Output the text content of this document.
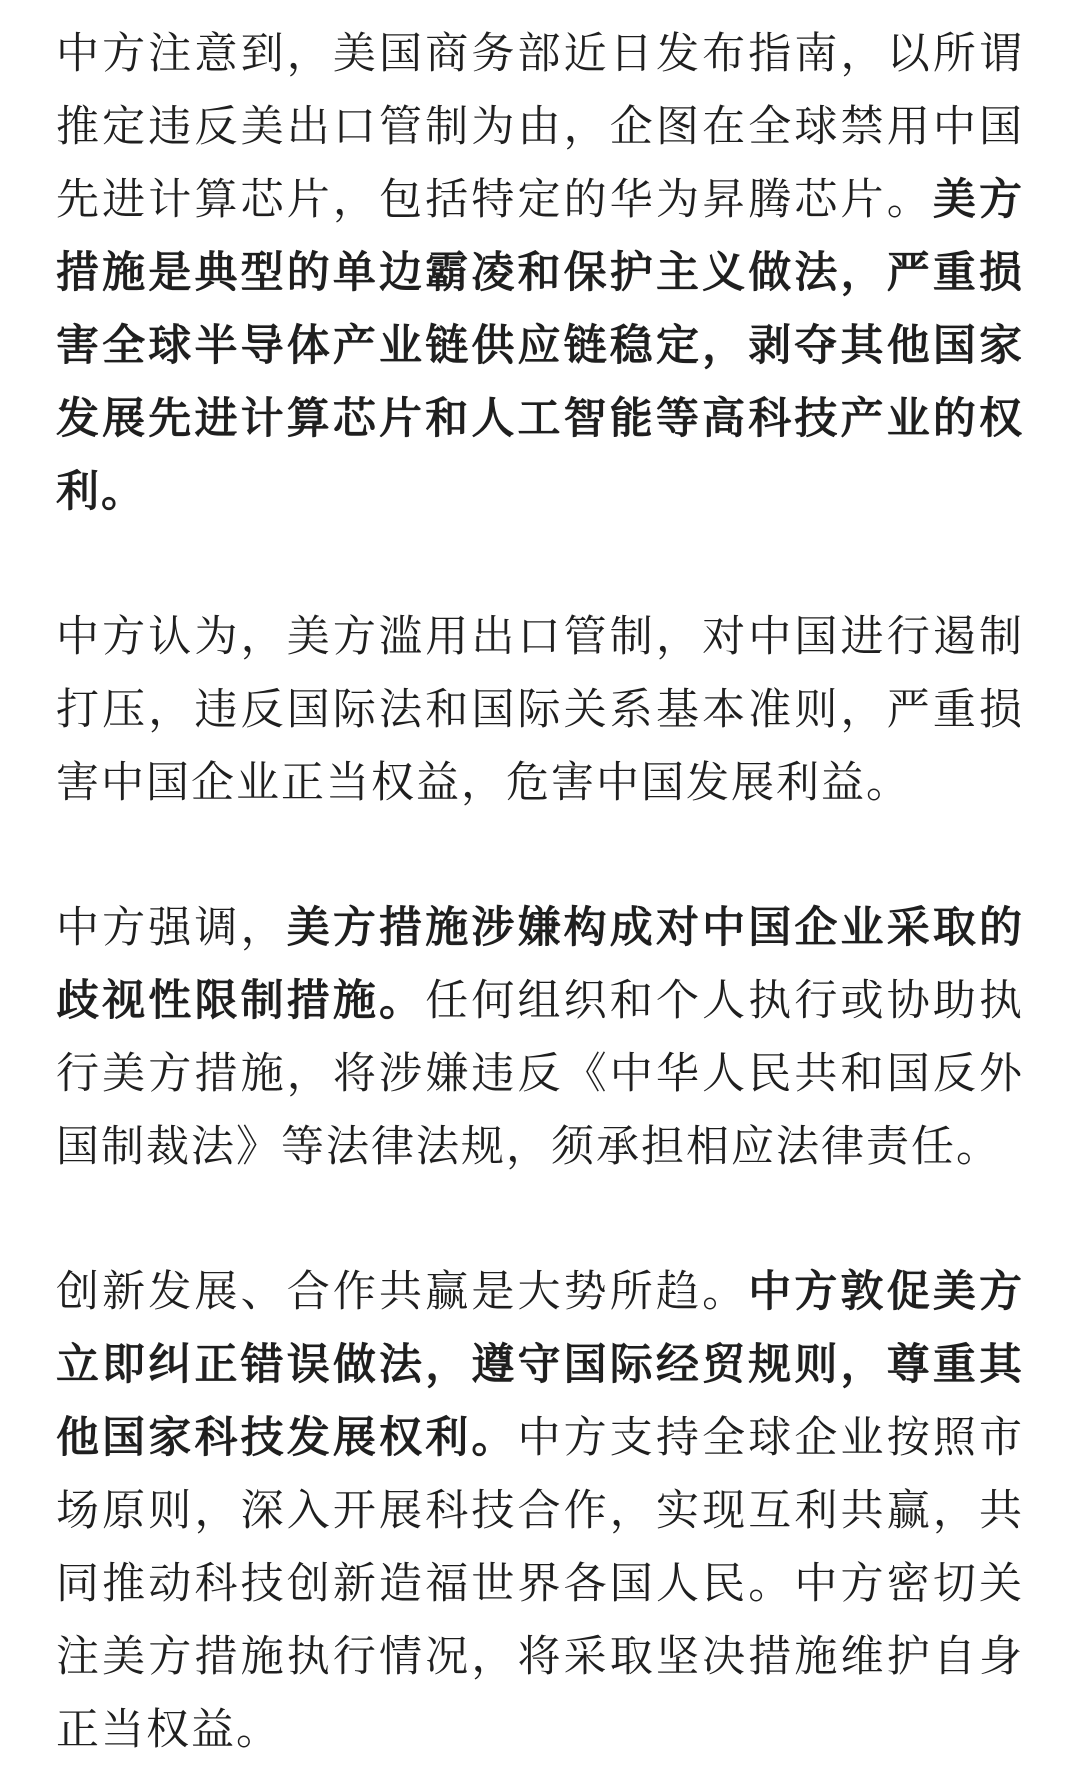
中方注意到，美国商务部近日发布指南，以所谓推定违反美出口管制为由，企图在全球禁用中国先进计算芯片，包括特定的华为昇腾芯片。美方措施是典型的单边霸凌和保护主义做法，严重损害全球半导体产业链供应链稳定，剥夺其他国家发展先进计算芯片和人工智能等高科技产业的权利。

中方认为，美方滥用出口管制，对中国进行遏制打压，违反国际法和国际关系基本准则，严重损害中国企业正当权益，危害中国发展利益。

中方强调，美方措施涉嫌构成对中国企业采取的歧视性限制措施。任何组织和个人执行或协助执行美方措施，将涉嫌违反《中华人民共和国反外国制裁法》等法律法规，须承担相应法律责任。

创新发展、合作共赢是大势所趋。中方敦促美方立即纠正错误做法，遵守国际经贸规则，尊重其他国家科技发展权利。中方支持全球企业按照市场原则，深入开展科技合作，实现互利共赢，共同推动科技创新造福世界各国人民。中方密切关注美方措施执行情况，将采取坚决措施维护自身正当权益。
